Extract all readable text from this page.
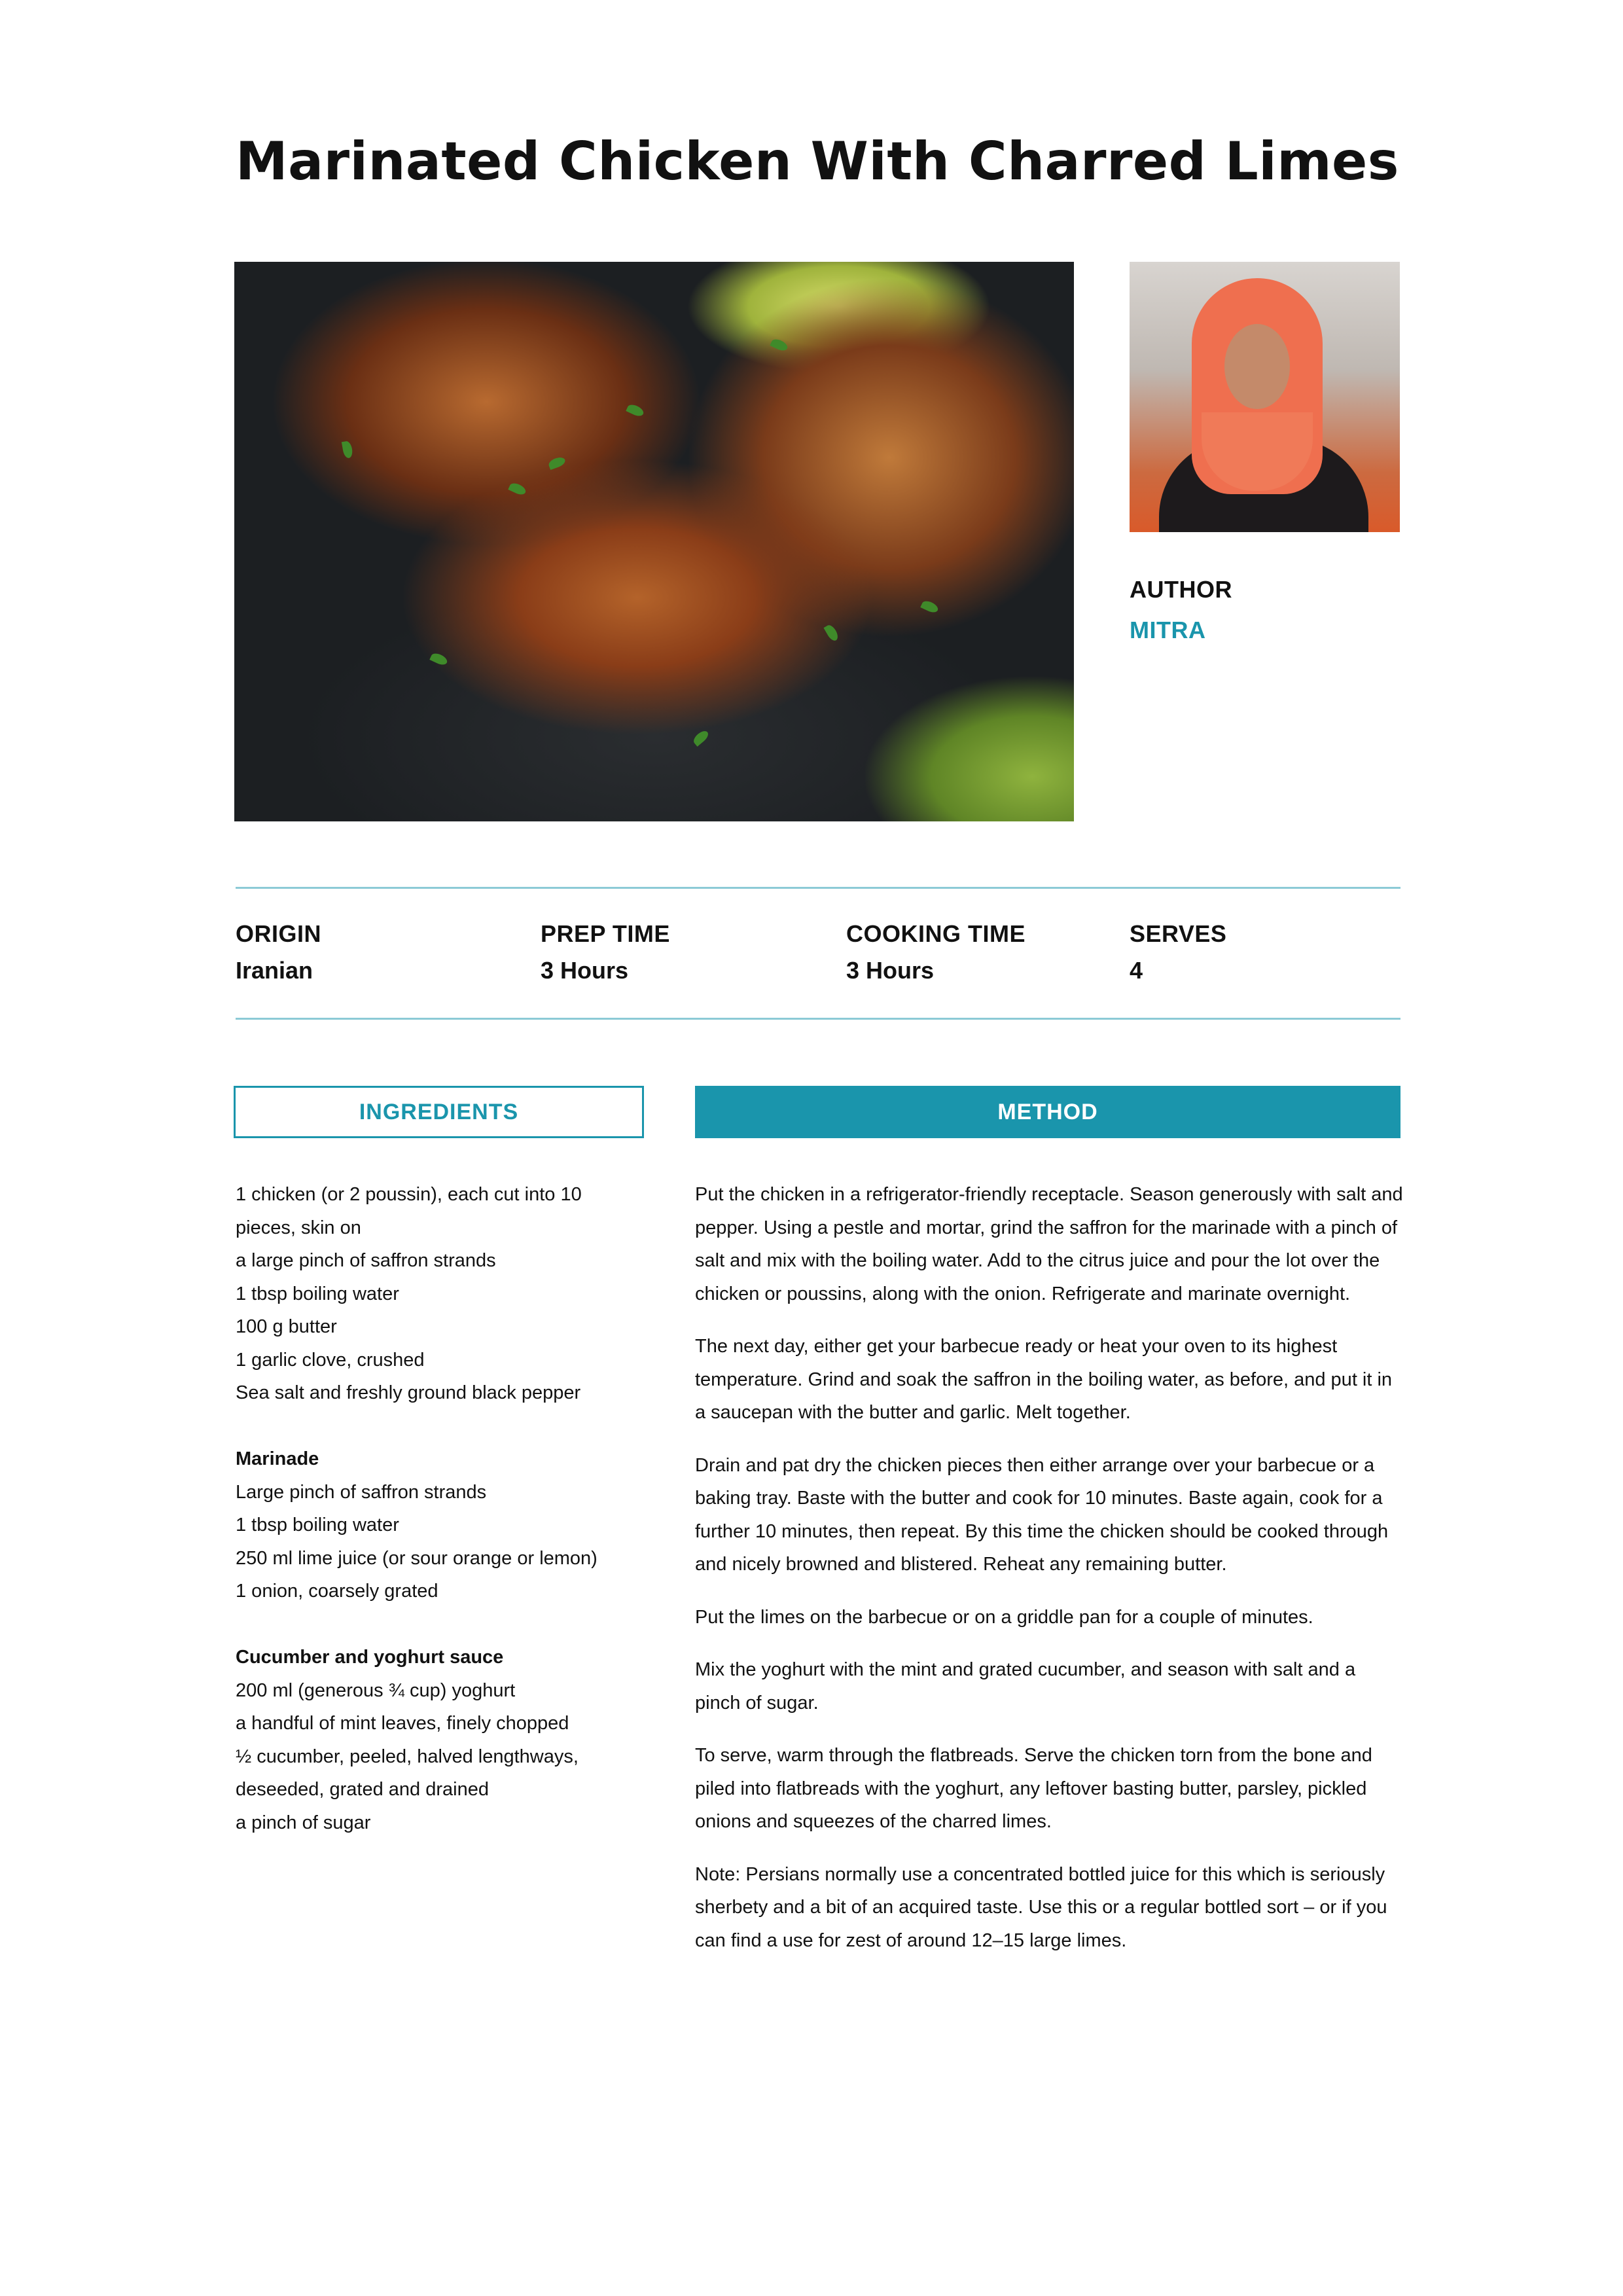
Marinated Chicken With Charred Limes
AUTHOR
MITRA
ORIGIN
Iranian
PREP TIME
3 Hours
COOKING TIME
3 Hours
SERVES
4
INGREDIENTS	METHOD
1 chicken (or 2 poussin), each cut into 10
pieces, skin on
a large pinch of saffron strands
1 tbsp boiling water
100 g butter
1 garlic clove, crushed
Sea salt and freshly ground black pepper
Marinade
Large pinch of saffron strands
1 tbsp boiling water
250 ml lime juice (or sour orange or lemon)
1 onion, coarsely grated
Cucumber and yoghurt sauce
200 ml (generous ¾ cup) yoghurt
a handful of mint leaves, finely chopped
½ cucumber, peeled, halved lengthways,
deseeded, grated and drained
a pinch of sugar

Put the chicken in a refrigerator-friendly receptacle. Season generously with salt and pepper. Using a pestle and mortar, grind the saffron for the marinade with a pinch of salt and mix with the boiling water. Add to the citrus juice and pour the lot over the chicken or poussins, along with the onion. Refrigerate and marinate overnight.

The next day, either get your barbecue ready or heat your oven to its highest temperature. Grind and soak the saffron in the boiling water, as before, and put it in a saucepan with the butter and garlic. Melt together.

Drain and pat dry the chicken pieces then either arrange over your barbecue or a baking tray. Baste with the butter and cook for 10 minutes. Baste again, cook for a further 10 minutes, then repeat. By this time the chicken should be cooked through and nicely browned and blistered. Reheat any remaining butter.

Put the limes on the barbecue or on a griddle pan for a couple of minutes.

Mix the yoghurt with the mint and grated cucumber, and season with salt and a pinch of sugar.

To serve, warm through the flatbreads. Serve the chicken torn from the bone and piled into flatbreads with the yoghurt, any leftover basting butter, parsley, pickled onions and squeezes of the charred limes.

Note: Persians normally use a concentrated bottled juice for this which is seriously sherbety and a bit of an acquired taste. Use this or a regular bottled sort – or if you can find a use for zest of around 12–15 large limes.
